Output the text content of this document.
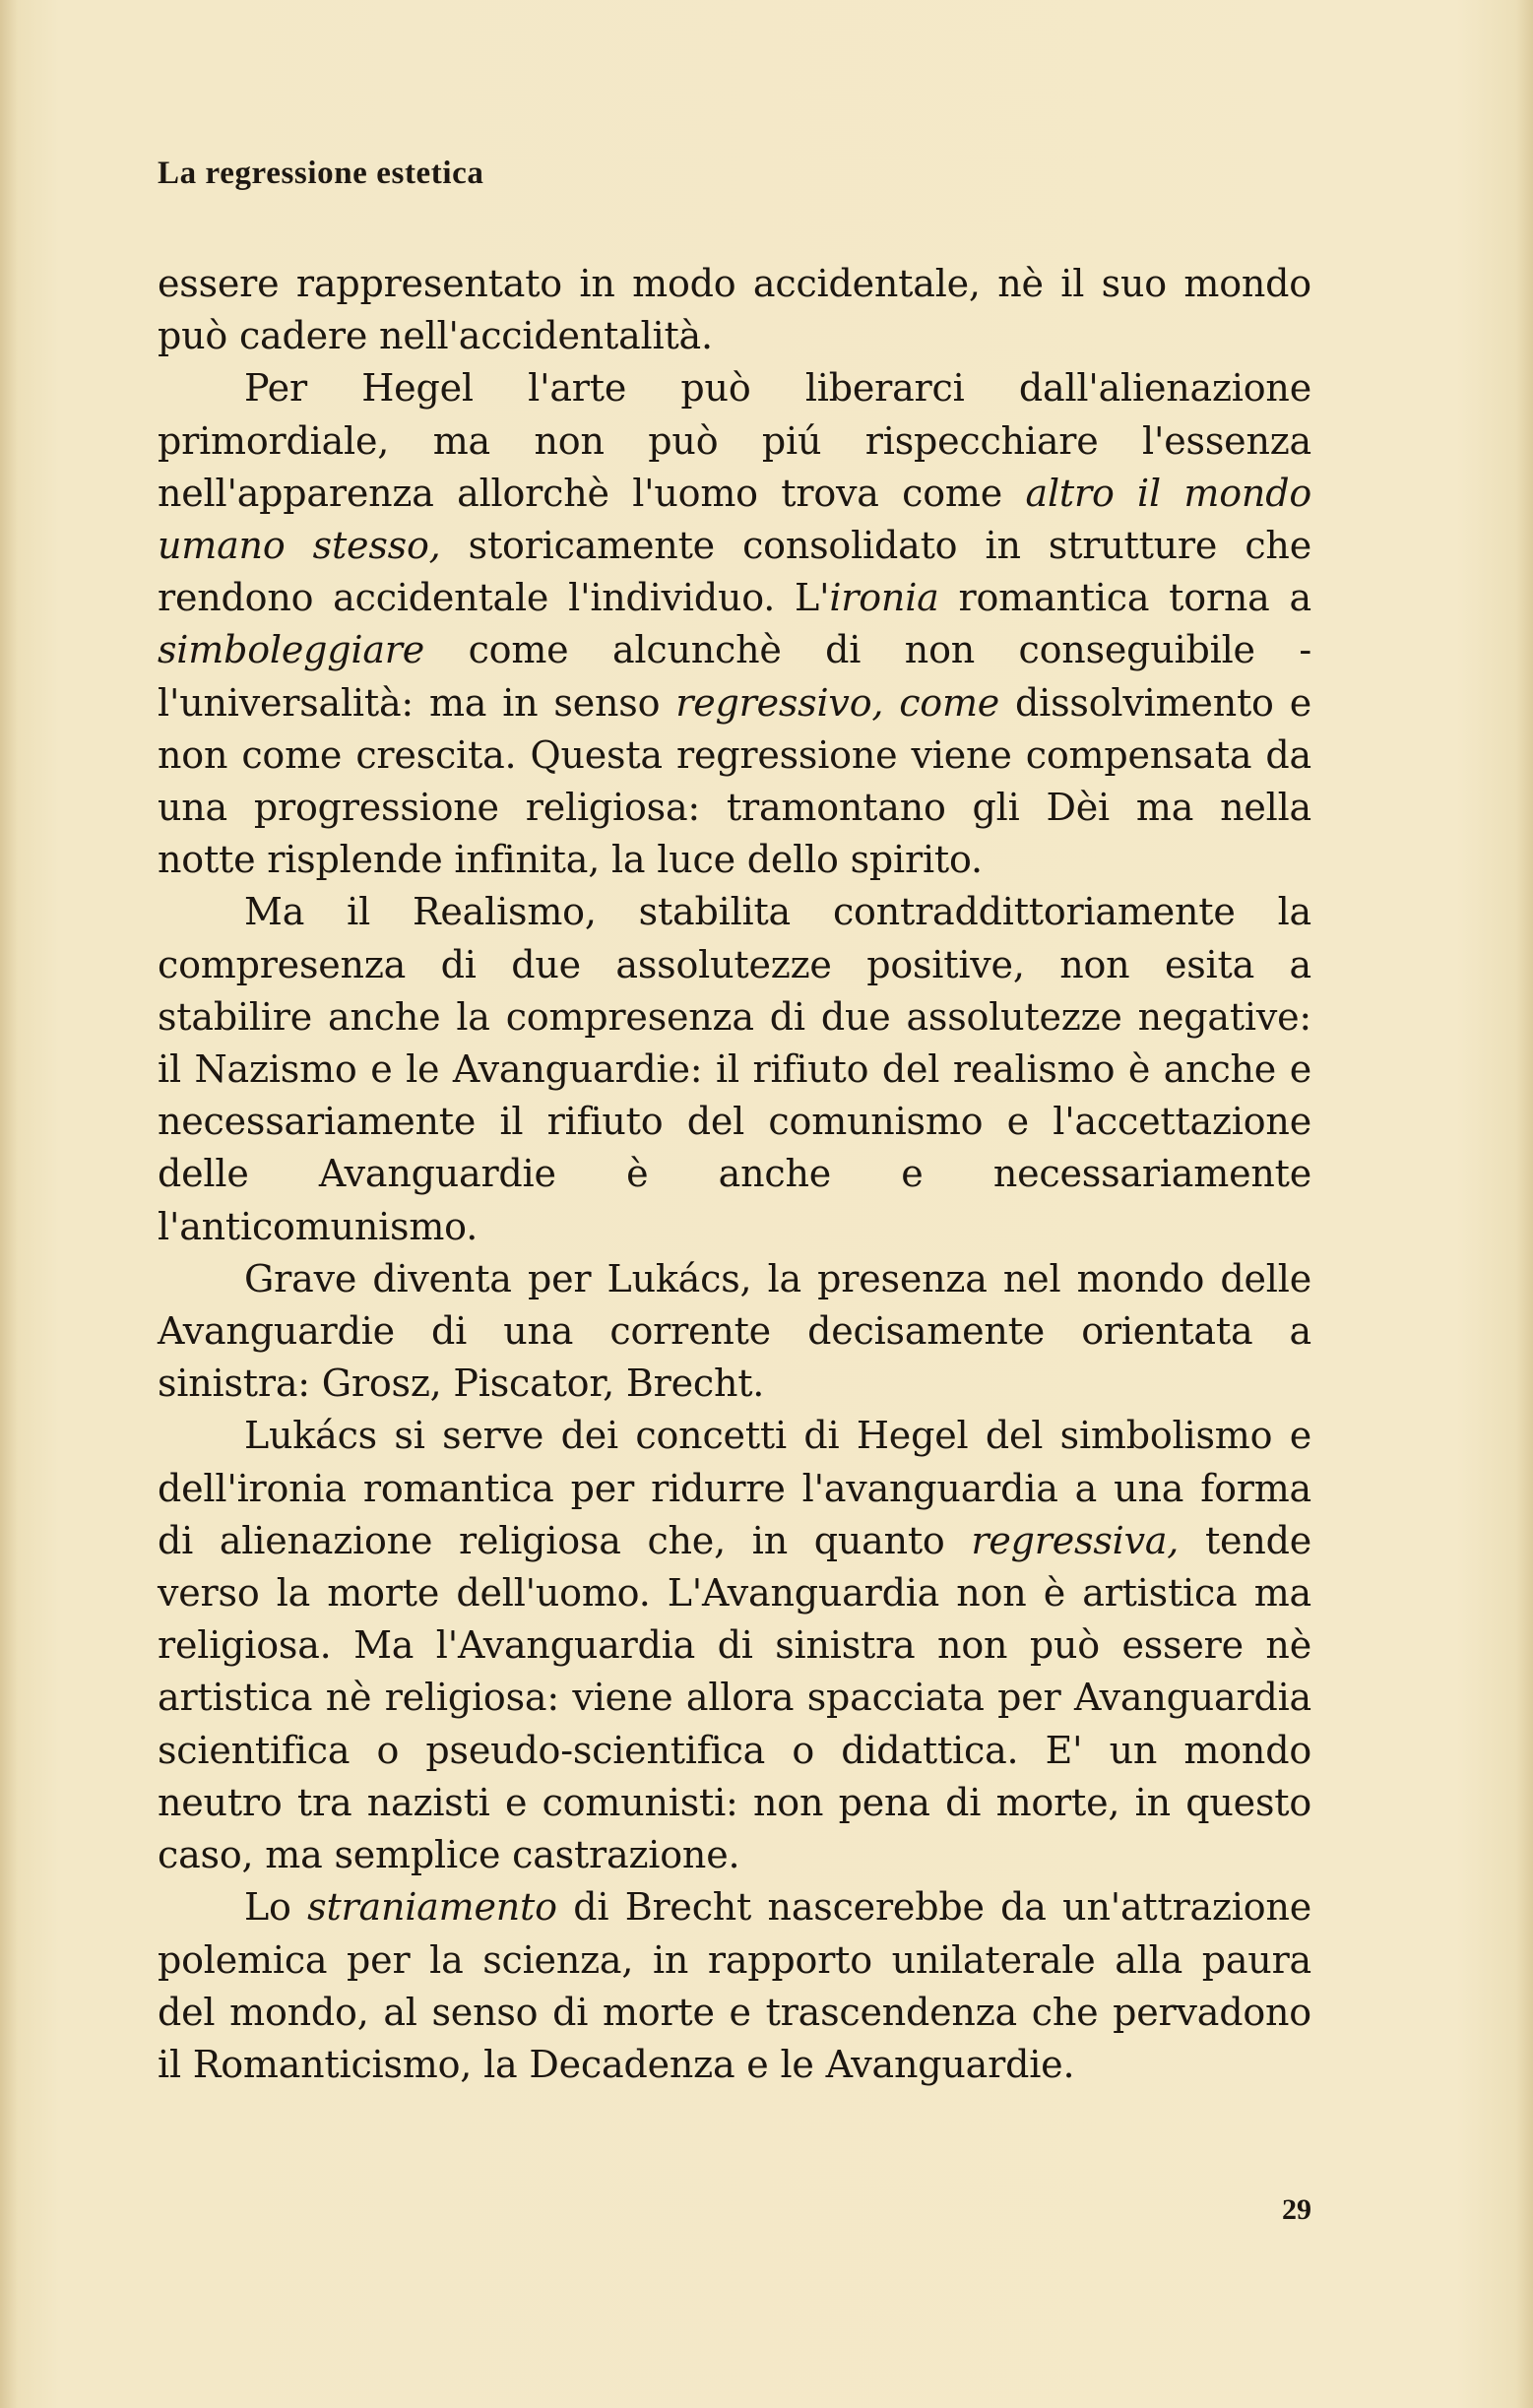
La regressione estetica

essere rappresentato in modo accidentale, nè il suo mondo può cadere nell'accidentalità.

Per Hegel l'arte può liberarci dall'alienazione primordiale, ma non può piú rispecchiare l'essenza nell'apparenza allorchè l'uomo trova come altro il mondo umano stesso, storicamente consolidato in strutture che rendono accidentale l'individuo. L'ironia romantica torna a simboleggiare come alcunchè di non conseguibile - l'universalità: ma in senso regressivo, come dissolvimento e non come crescita. Questa regressione viene compensata da una progressione religiosa: tramontano gli Dèi ma nella notte risplende infinita, la luce dello spirito.

Ma il Realismo, stabilita contraddittoriamente la compresenza di due assolutezze positive, non esita a stabilire anche la compresenza di due assolutezze negative: il Nazismo e le Avanguardie: il rifiuto del realismo è anche e necessariamente il rifiuto del comunismo e l'accettazione delle Avanguardie è anche e necessariamente l'anticomunismo.

Grave diventa per Lukács, la presenza nel mondo delle Avanguardie di una corrente decisamente orientata a sinistra: Grosz, Piscator, Brecht.

Lukács si serve dei concetti di Hegel del simbolismo e dell'ironia romantica per ridurre l'avanguardia a una forma di alienazione religiosa che, in quanto regressiva, tende verso la morte dell'uomo. L'Avanguardia non è artistica ma religiosa. Ma l'Avanguardia di sinistra non può essere nè artistica nè religiosa: viene allora spacciata per Avanguardia scientifica o pseudo-scientifica o didattica. E' un mondo neutro tra nazisti e comunisti: non pena di morte, in questo caso, ma semplice castrazione.

Lo straniamento di Brecht nascerebbe da un'attrazione polemica per la scienza, in rapporto unilaterale alla paura del mondo, al senso di morte e trascendenza che pervadono il Romanticismo, la Decadenza e le Avanguardie.

29
